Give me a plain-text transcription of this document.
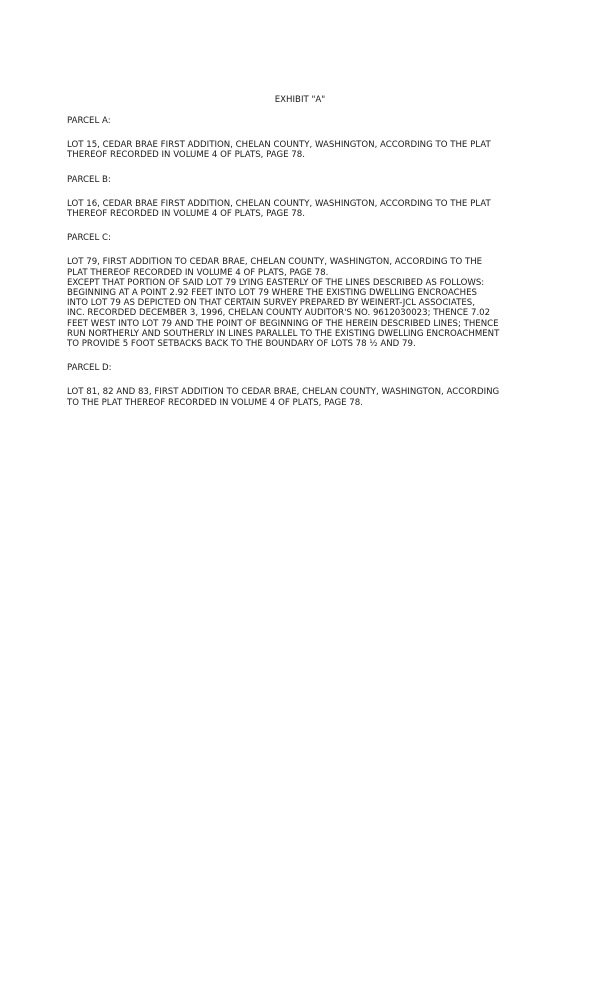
EXHIBIT "A"
PARCEL A:
LOT 15, CEDAR BRAE FIRST ADDITION, CHELAN COUNTY, WASHINGTON, ACCORDING TO THE PLAT
THEREOF RECORDED IN VOLUME 4 OF PLATS, PAGE 78.
PARCEL B:
LOT 16, CEDAR BRAE FIRST ADDITION, CHELAN COUNTY, WASHINGTON, ACCORDING TO THE PLAT
THEREOF RECORDED IN VOLUME 4 OF PLATS, PAGE 78.
PARCEL C:
LOT 79, FIRST ADDITION TO CEDAR BRAE, CHELAN COUNTY, WASHINGTON, ACCORDING TO THE
PLAT THEREOF RECORDED IN VOLUME 4 OF PLATS, PAGE 78.
EXCEPT THAT PORTION OF SAID LOT 79 LYING EASTERLY OF THE LINES DESCRIBED AS FOLLOWS:
BEGINNING AT A POINT 2.92 FEET INTO LOT 79 WHERE THE EXISTING DWELLING ENCROACHES
INTO LOT 79 AS DEPICTED ON THAT CERTAIN SURVEY PREPARED BY WEINERT-JCL ASSOCIATES,
INC. RECORDED DECEMBER 3, 1996, CHELAN COUNTY AUDITOR'S NO. 9612030023; THENCE 7.02
FEET WEST INTO LOT 79 AND THE POINT OF BEGINNING OF THE HEREIN DESCRIBED LINES; THENCE
RUN NORTHERLY AND SOUTHERLY IN LINES PARALLEL TO THE EXISTING DWELLING ENCROACHMENT
TO PROVIDE 5 FOOT SETBACKS BACK TO THE BOUNDARY OF LOTS 78 ½ AND 79.
PARCEL D:
LOT 81, 82 AND 83, FIRST ADDITION TO CEDAR BRAE, CHELAN COUNTY, WASHINGTON, ACCORDING
TO THE PLAT THEREOF RECORDED IN VOLUME 4 OF PLATS, PAGE 78.
